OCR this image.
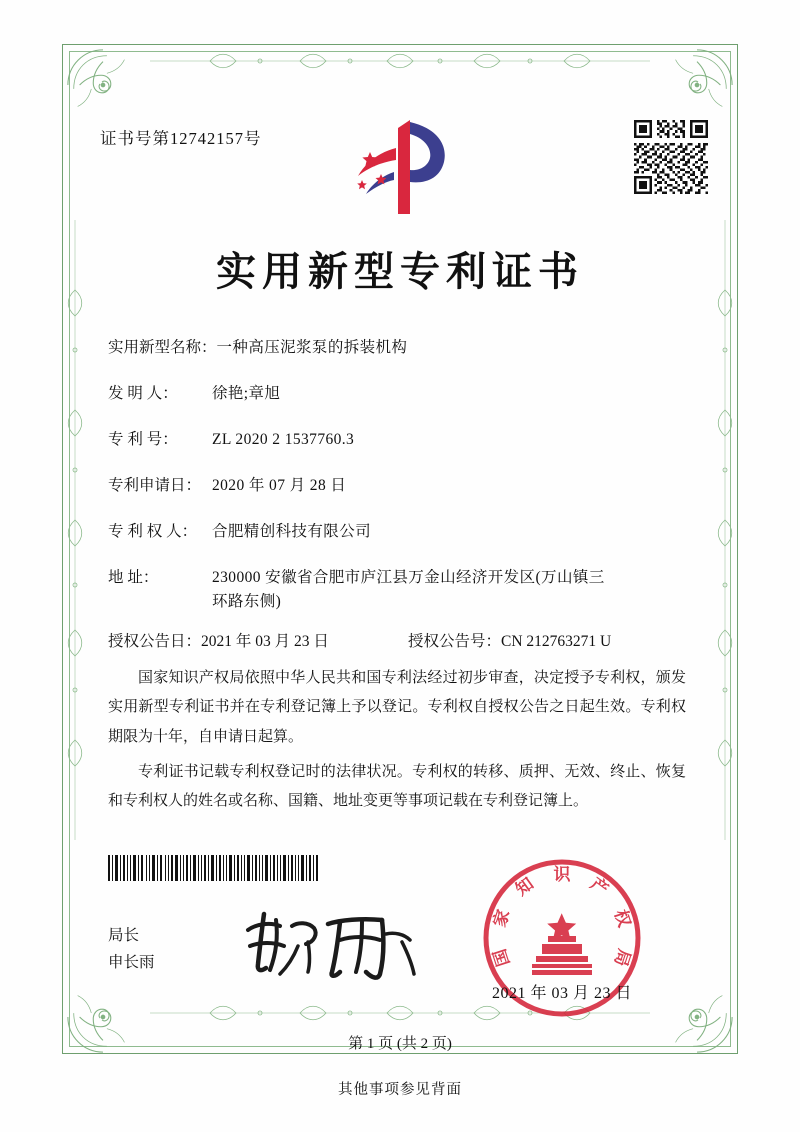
证书号第12742157号
实用新型专利证书
实用新型名称： 一种高压泥浆泵的拆装机构
发 明 人：	徐艳;章旭
专 利 号：	ZL 2020 2 1537760.3
专利申请日： 2020 年 07 月 28 日
专 利 权 人： 合肥精创科技有限公司
地 址：	230000 安徽省合肥市庐江县万金山经济开发区(万山镇三
环路东侧)
授权公告日： 2021 年 03 月 23 日	授权公告号： CN 212763271 U

国家知识产权局依照中华人民共和国专利法经过初步审查，决定授予专利权，颁发实用新型专利证书并在专利登记簿上予以登记。专利权自授权公告之日起生效。专利权期限为十年，自申请日起算。

专利证书记载专利权登记时的法律状况。专利权的转移、质押、无效、终止、恢复和专利权人的姓名或名称、国籍、地址变更等事项记载在专利登记簿上。

局长
申长雨	国
家
知 识 产
权
局
2021 年 03 月 23 日
第 1 页 (共 2 页)
其他事项参见背面
